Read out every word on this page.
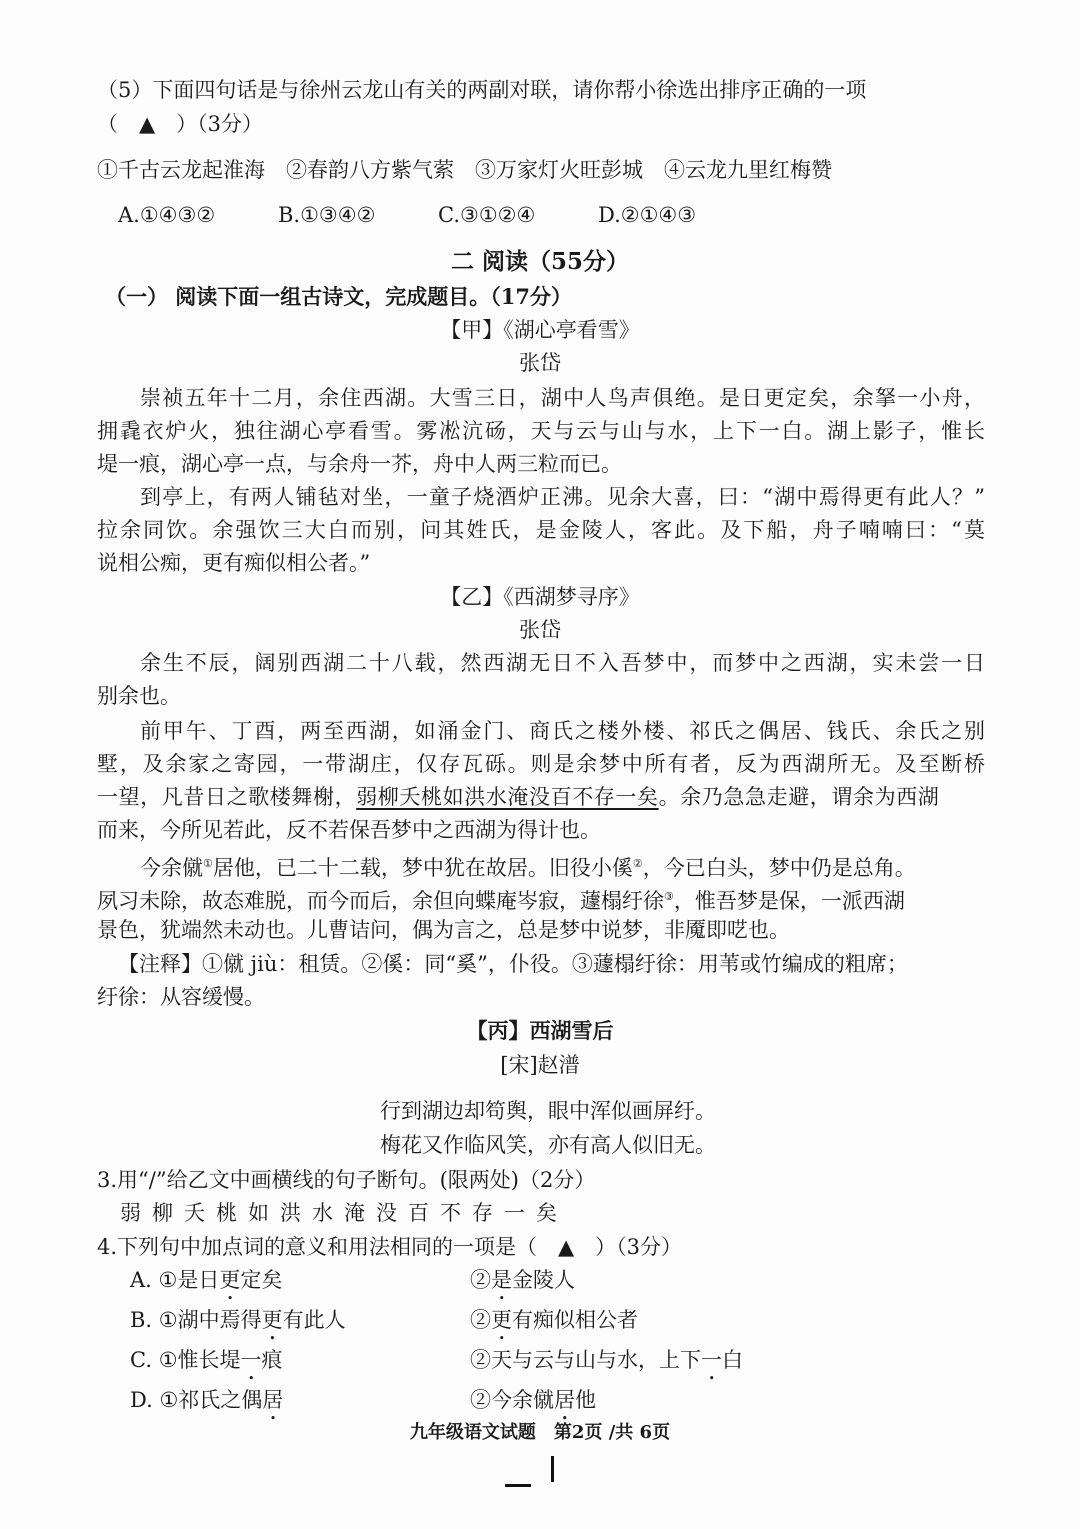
（5）下面四句话是与徐州云龙山有关的两副对联，请你帮小徐选出排序正确的一项
（　▲　）（3分）
①千古云龙起淮海　②春韵八方紫气萦　③万家灯火旺彭城　④云龙九里红梅赞
A.①④③②	B.①③④②	C.③①②④	D.②①④③
二 阅读（55分）
（一） 阅读下面一组古诗文，完成题目。（17分）
【甲】《湖心亭看雪》
张岱
崇祯五年十二月，余住西湖。大雪三日，湖中人鸟声俱绝。是日更定矣，余拏一小舟，
拥毳衣炉火，独往湖心亭看雪。雾凇沆砀，天与云与山与水，上下一白。湖上影子，惟长
堤一痕，湖心亭一点，与余舟一芥，舟中人两三粒而已。
到亭上，有两人铺毡对坐，一童子烧酒炉正沸。见余大喜，曰：“湖中焉得更有此人？”
拉余同饮。余强饮三大白而别，问其姓氏，是金陵人，客此。及下船，舟子喃喃曰：“莫
说相公痴，更有痴似相公者。”
【乙】《西湖梦寻序》
张岱
余生不辰，阔别西湖二十八载，然西湖无日不入吾梦中，而梦中之西湖，实未尝一日
别余也。
前甲午、丁酉，两至西湖，如涌金门、商氏之楼外楼、祁氏之偶居、钱氏、余氏之别
墅，及余家之寄园，一带湖庄，仅存瓦砾。则是余梦中所有者，反为西湖所无。及至断桥
一望，凡昔日之歌楼舞榭，弱柳夭桃如洪水淹没百不存一矣。余乃急急走避，谓余为西湖
而来，今所见若此，反不若保吾梦中之西湖为得计也。
今余僦①居他，已二十二载，梦中犹在故居。旧役小傒②，今已白头，梦中仍是总角。
夙习未除，故态难脱，而今而后，余但向蝶庵岑寂，蘧榻纡徐③，惟吾梦是保，一派西湖
景色，犹端然未动也。儿曹诘问，偶为言之，总是梦中说梦，非魇即呓也。
【注释】①僦 jiù：租赁。②傒：同“奚”，仆役。③蘧榻纡徐：用苇或竹编成的粗席；
纡徐：从容缓慢。
【丙】西湖雪后
[宋]赵潽
行到湖边却笱舆，眼中浑似画屏纡。
梅花又作临风笑，亦有高人似旧无。
3.用“/”给乙文中画横线的句子断句。(限两处)（2分）
弱柳夭桃如洪水淹没百不存一矣
4.下列句中加点词的意义和用法相同的一项是（　▲　）（3分）
A. ①是日更定矣	②是金陵人
B. ①湖中焉得更有此人	②更有痴似相公者
C. ①惟长堤一痕	②天与云与山与水，上下一白
D. ①祁氏之偶居	②今余僦居他
九年级语文试题　第2页 /共 6页
